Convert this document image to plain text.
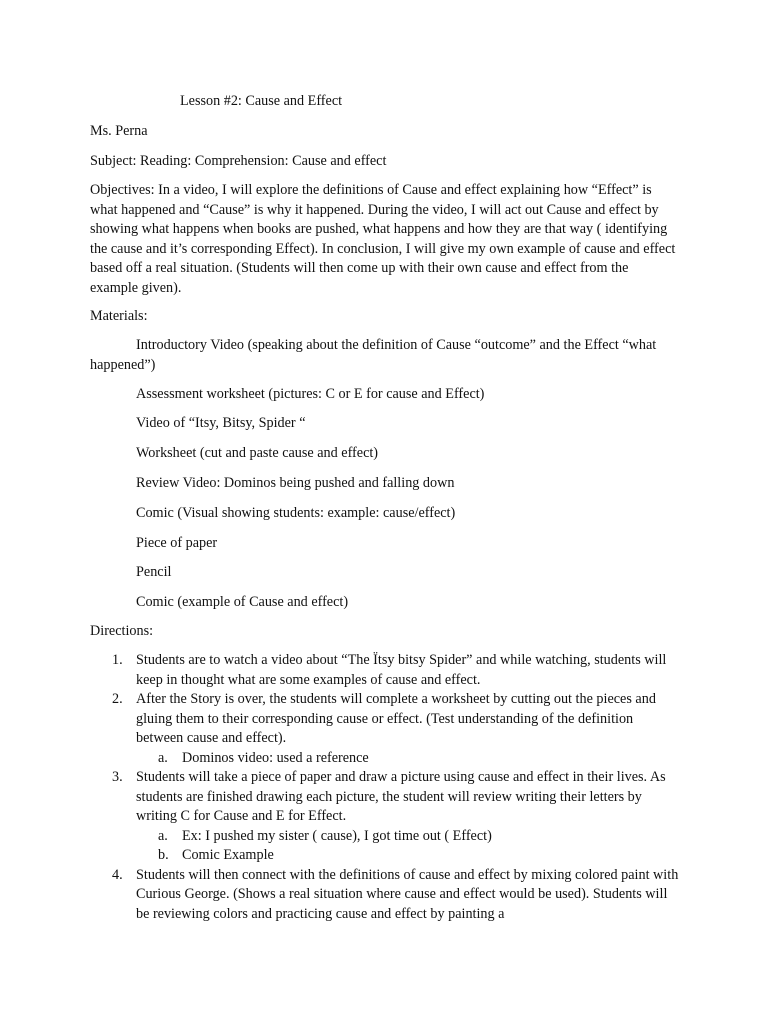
Lesson #2: Cause and Effect

Ms. Perna

Subject: Reading: Comprehension: Cause and effect

Objectives: In a video, I will explore the definitions of Cause and effect explaining how “Effect” is what happened and “Cause” is why it happened. During the video, I will act out Cause and effect by showing what happens when books are pushed, what happens and how they are that way ( identifying the cause and it’s corresponding Effect). In conclusion, I will give my own example of cause and effect based off a real situation. (Students will then come up with their own cause and effect from the example given).

Materials:

Introductory Video (speaking about the definition of Cause “outcome” and the Effect “what happened”)

Assessment worksheet (pictures: C or E for cause and Effect)

Video of “Itsy, Bitsy, Spider “

Worksheet (cut and paste cause and effect)

Review Video: Dominos being pushed and falling down

Comic (Visual showing students: example: cause/effect)

Piece of paper

Pencil

Comic (example of Cause and effect)

Directions:

1. Students are to watch a video about “The Ïtsy bitsy Spider” and while watching, students will keep in thought what are some examples of cause and effect.
2. After the Story is over, the students will complete a worksheet by cutting out the pieces and gluing them to their corresponding cause or effect. (Test understanding of the definition between cause and effect).
a. Dominos video: used a reference
3. Students will take a piece of paper and draw a picture using cause and effect in their lives. As students are finished drawing each picture, the student will review writing their letters by writing C for Cause and E for Effect.
a. Ex: I pushed my sister ( cause), I got time out ( Effect)
b. Comic Example
4. Students will then connect with the definitions of cause and effect by mixing colored paint with Curious George. (Shows a real situation where cause and effect would be used). Students will be reviewing colors and practicing cause and effect by painting a
